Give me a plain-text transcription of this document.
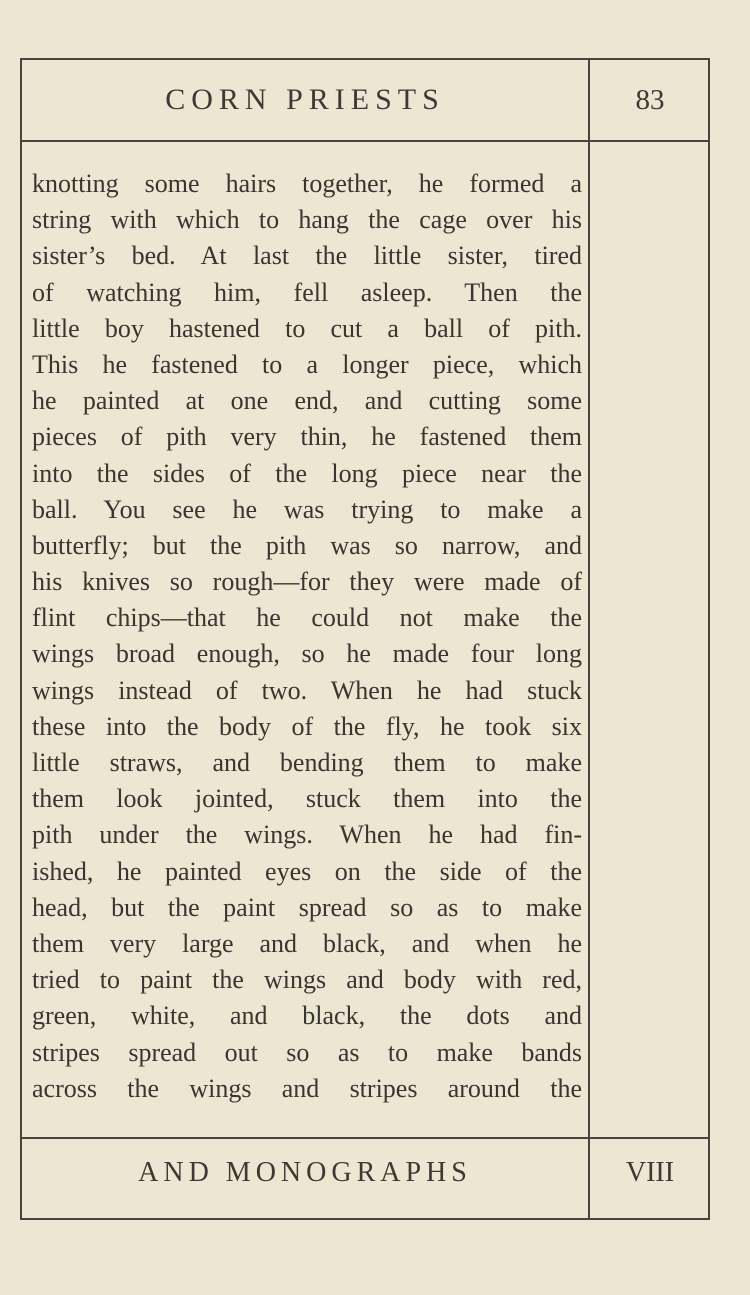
CORN PRIESTS	83
knotting some hairs together, he formed a
string with which to hang the cage over his
sister’s bed. At last the little sister, tired
of watching him, fell asleep. Then the
little boy hastened to cut a ball of pith.
This he fastened to a longer piece, which
he painted at one end, and cutting some
pieces of pith very thin, he fastened them
into the sides of the long piece near the
ball. You see he was trying to make a
butterfly; but the pith was so narrow, and
his knives so rough—for they were made of
flint chips—that he could not make the
wings broad enough, so he made four long
wings instead of two. When he had stuck
these into the body of the fly, he took six
little straws, and bending them to make
them look jointed, stuck them into the
pith under the wings. When he had fin-
ished, he painted eyes on the side of the
head, but the paint spread so as to make
them very large and black, and when he
tried to paint the wings and body with red,
green, white, and black, the dots and
stripes spread out so as to make bands
across the wings and stripes around the
AND MONOGRAPHS	VIII
